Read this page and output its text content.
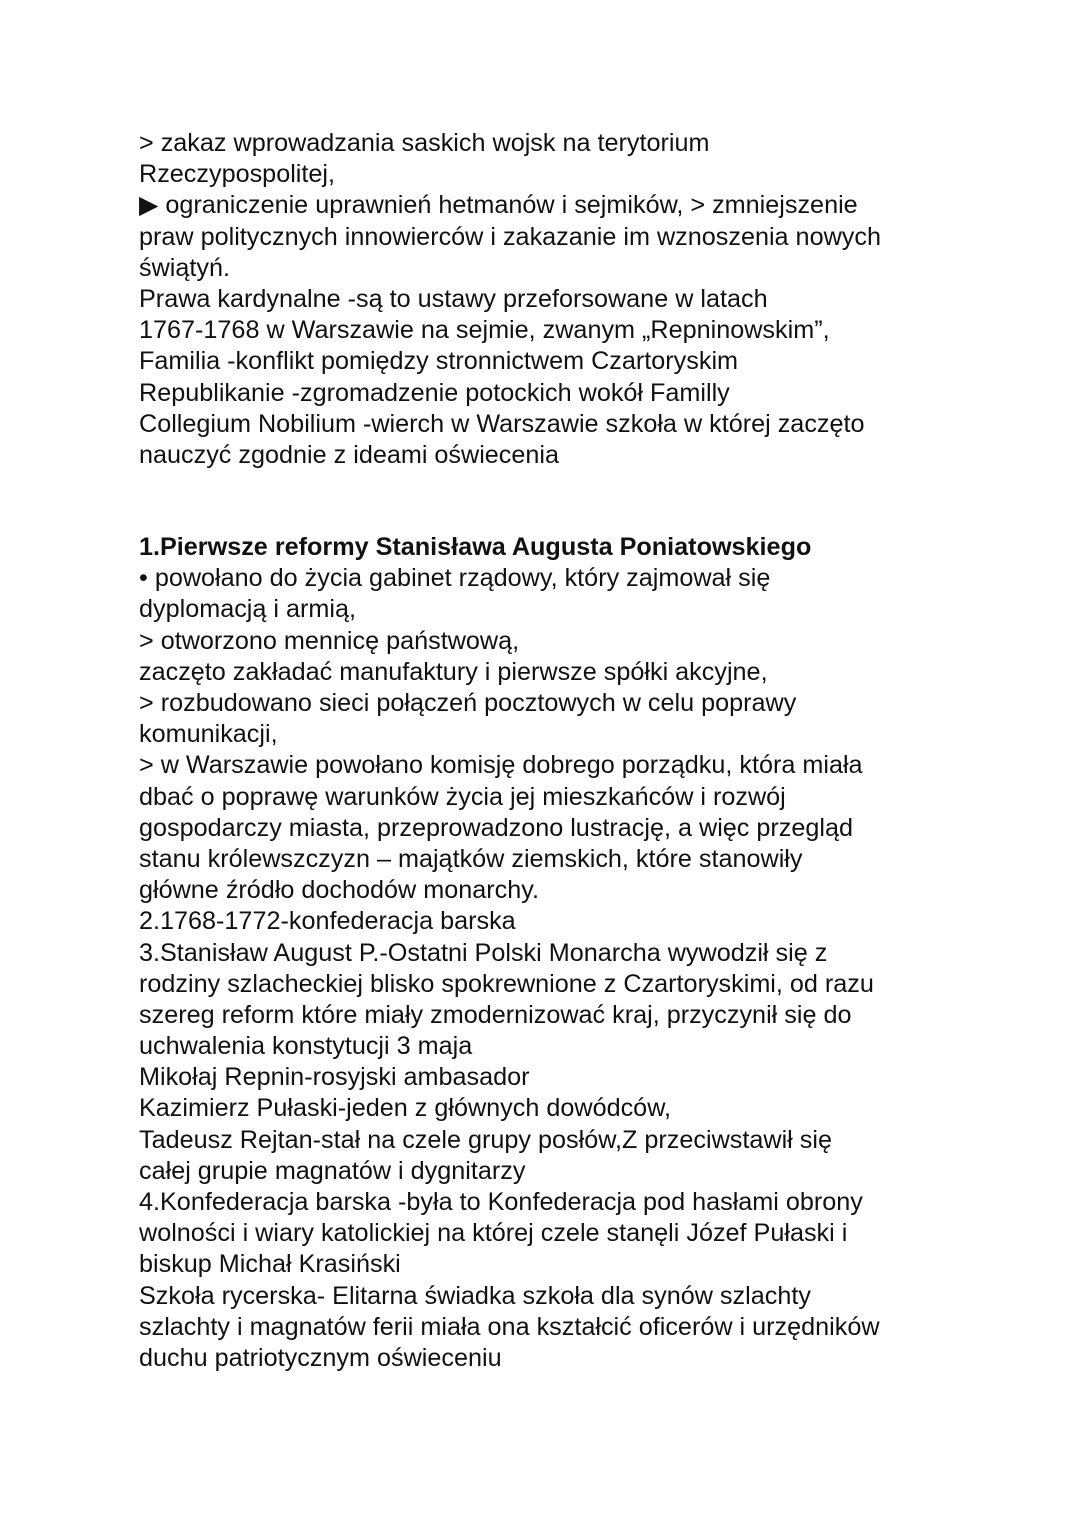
> zakaz wprowadzania saskich wojsk na terytorium
Rzeczypospolitej,
▶ ograniczenie uprawnień hetmanów i sejmików, > zmniejszenie
praw politycznych innowierców i zakazanie im wznoszenia nowych
świątyń.
Prawa kardynalne -są to ustawy przeforsowane w latach
1767-1768 w Warszawie na sejmie, zwanym „Repninowskim”,
Familia -konflikt pomiędzy stronnictwem Czartoryskim
Republikanie -zgromadzenie potockich wokół Familly
Collegium Nobilium -wierch w Warszawie szkoła w której zaczęto
nauczyć zgodnie z ideami oświecenia
1.Pierwsze reformy Stanisława Augusta Poniatowskiego
• powołano do życia gabinet rządowy, który zajmował się
dyplomacją i armią,
> otworzono mennicę państwową,
zaczęto zakładać manufaktury i pierwsze spółki akcyjne,
> rozbudowano sieci połączeń pocztowych w celu poprawy
komunikacji,
> w Warszawie powołano komisję dobrego porządku, która miała
dbać o poprawę warunków życia jej mieszkańców i rozwój
gospodarczy miasta, przeprowadzono lustrację, a więc przegląd
stanu królewszczyzn – majątków ziemskich, które stanowiły
główne źródło dochodów monarchy.
2.1768-1772-konfederacja barska
3.Stanisław August P.-Ostatni Polski Monarcha wywodził się z
rodziny szlacheckiej blisko spokrewnione z Czartoryskimi, od razu
szereg reform które miały zmodernizować kraj, przyczynił się do
uchwalenia konstytucji 3 maja
Mikołaj Repnin-rosyjski ambasador
Kazimierz Pułaski-jeden z głównych dowódców,
Tadeusz Rejtan-stał na czele grupy posłów,Z przeciwstawił się
całej grupie magnatów i dygnitarzy
4.Konfederacja barska -była to Konfederacja pod hasłami obrony
wolności i wiary katolickiej na której czele stanęli Józef Pułaski i
biskup Michał Krasiński
Szkoła rycerska- Elitarna świadka szkoła dla synów szlachty
szlachty i magnatów ferii miała ona kształcić oficerów i urzędników
duchu patriotycznym oświeceniu
